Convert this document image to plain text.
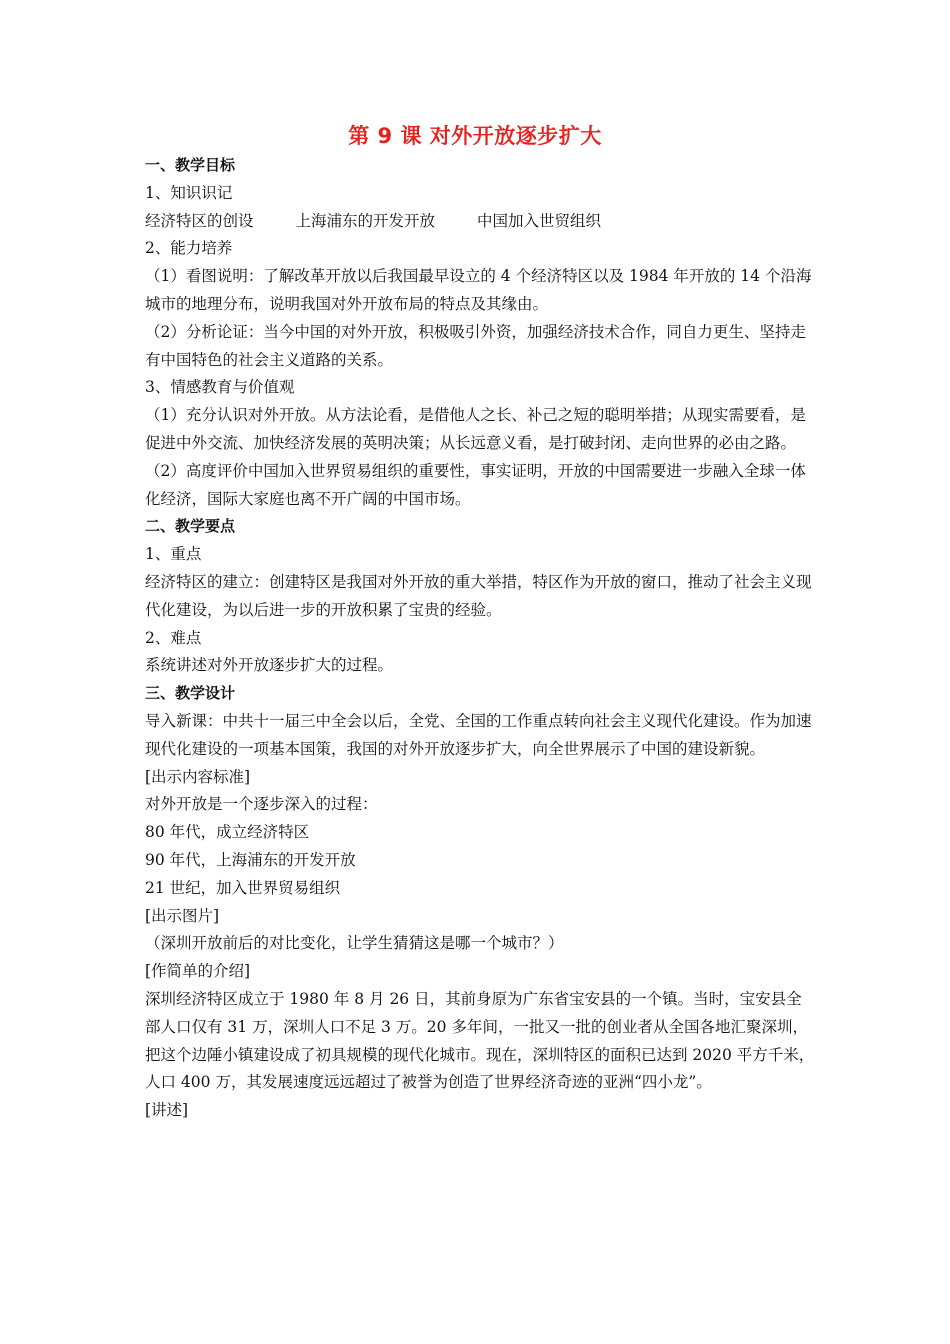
第 9 课 对外开放逐步扩大
一、教学目标
1、知识识记
经济特区的创设	上海浦东的开发开放	中国加入世贸组织
2、能力培养
（1）看图说明：了解改革开放以后我国最早设立的 4 个经济特区以及 1984 年开放的 14 个沿海城市的地理分布，说明我国对外开放布局的特点及其缘由。
（2）分析论证：当今中国的对外开放，积极吸引外资，加强经济技术合作，同自力更生、坚持走有中国特色的社会主义道路的关系。
3、情感教育与价值观
（1）充分认识对外开放。从方法论看，是借他人之长、补己之短的聪明举措；从现实需要看，是促进中外交流、加快经济发展的英明决策；从长远意义看，是打破封闭、走向世界的必由之路。
（2）高度评价中国加入世界贸易组织的重要性，事实证明，开放的中国需要进一步融入全球一体化经济，国际大家庭也离不开广阔的中国市场。
二、教学要点
1、重点
经济特区的建立：创建特区是我国对外开放的重大举措，特区作为开放的窗口，推动了社会主义现代化建设，为以后进一步的开放积累了宝贵的经验。
2、难点
系统讲述对外开放逐步扩大的过程。
三、教学设计
导入新课：中共十一届三中全会以后，全党、全国的工作重点转向社会主义现代化建设。作为加速现代化建设的一项基本国策，我国的对外开放逐步扩大，向全世界展示了中国的建设新貌。
[出示内容标准]
对外开放是一个逐步深入的过程：
80 年代，成立经济特区
90 年代，上海浦东的开发开放
21 世纪，加入世界贸易组织
[出示图片]
（深圳开放前后的对比变化，让学生猜猜这是哪一个城市？）
[作简单的介绍]
深圳经济特区成立于 1980 年 8 月 26 日，其前身原为广东省宝安县的一个镇。当时，宝安县全部人口仅有 31 万，深圳人口不足 3 万。20 多年间，一批又一批的创业者从全国各地汇聚深圳，把这个边陲小镇建设成了初具规模的现代化城市。现在，深圳特区的面积已达到 2020 平方千米，人口 400 万，其发展速度远远超过了被誉为创造了世界经济奇迹的亚洲“四小龙”。
[讲述]
